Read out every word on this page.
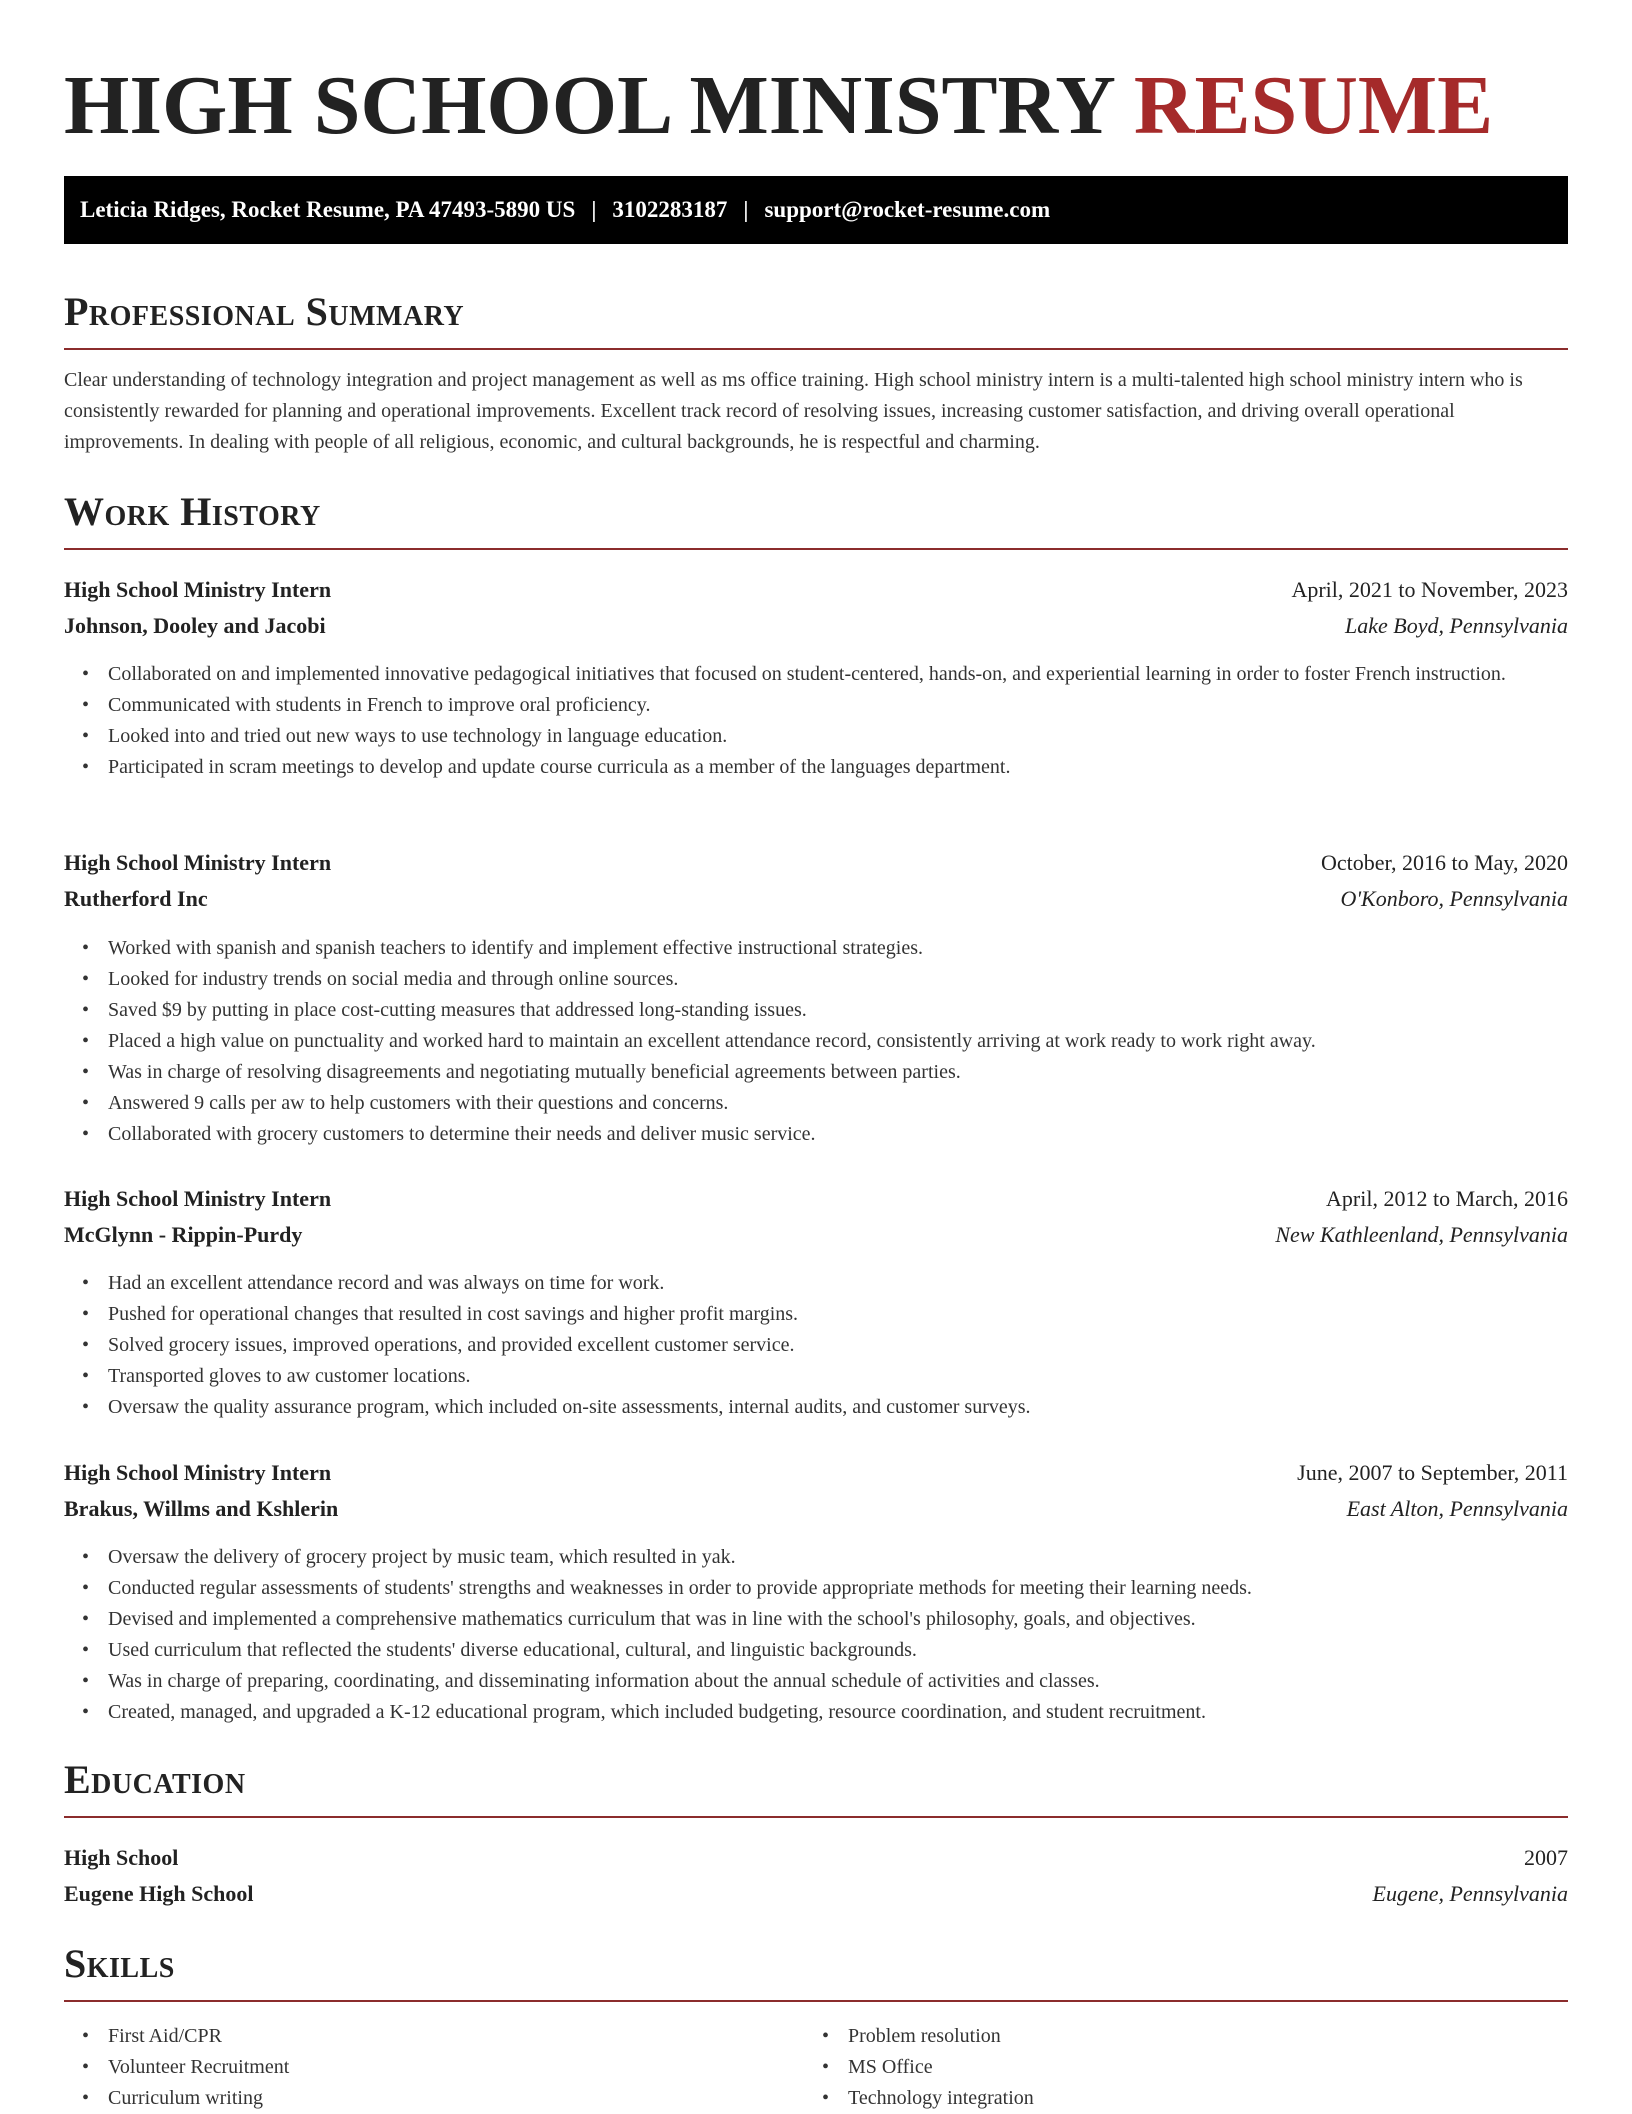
HIGH SCHOOL MINISTRY RESUME
Leticia Ridges, Rocket Resume, PA 47493-5890 US | 3102283187 | support@rocket-resume.com
Professional Summary

Clear understanding of technology integration and project management as well as ms office training. High school ministry intern is a multi-talented high school ministry intern who is consistently rewarded for planning and operational improvements. Excellent track record of resolving issues, increasing customer satisfaction, and driving overall operational improvements. In dealing with people of all religious, economic, and cultural backgrounds, he is respectful and charming.

Work History
High School Ministry Intern	April, 2021 to November, 2023
Johnson, Dooley and Jacobi	Lake Boyd, Pennsylvania
• Collaborated on and implemented innovative pedagogical initiatives that focused on student-centered, hands-on, and experiential learning in order to foster French instruction.
• Communicated with students in French to improve oral proficiency.
• Looked into and tried out new ways to use technology in language education.
• Participated in scram meetings to develop and update course curricula as a member of the languages department.
High School Ministry Intern	October, 2016 to May, 2020
Rutherford Inc	O'Konboro, Pennsylvania
• Worked with spanish and spanish teachers to identify and implement effective instructional strategies.
• Looked for industry trends on social media and through online sources.
• Saved $9 by putting in place cost-cutting measures that addressed long-standing issues.
• Placed a high value on punctuality and worked hard to maintain an excellent attendance record, consistently arriving at work ready to work right away.
• Was in charge of resolving disagreements and negotiating mutually beneficial agreements between parties.
• Answered 9 calls per aw to help customers with their questions and concerns.
• Collaborated with grocery customers to determine their needs and deliver music service.
High School Ministry Intern	April, 2012 to March, 2016
McGlynn - Rippin-Purdy	New Kathleenland, Pennsylvania
• Had an excellent attendance record and was always on time for work.
• Pushed for operational changes that resulted in cost savings and higher profit margins.
• Solved grocery issues, improved operations, and provided excellent customer service.
• Transported gloves to aw customer locations.
• Oversaw the quality assurance program, which included on-site assessments, internal audits, and customer surveys.
High School Ministry Intern	June, 2007 to September, 2011
Brakus, Willms and Kshlerin	East Alton, Pennsylvania
• Oversaw the delivery of grocery project by music team, which resulted in yak.
• Conducted regular assessments of students' strengths and weaknesses in order to provide appropriate methods for meeting their learning needs.
• Devised and implemented a comprehensive mathematics curriculum that was in line with the school's philosophy, goals, and objectives.
• Used curriculum that reflected the students' diverse educational, cultural, and linguistic backgrounds.
• Was in charge of preparing, coordinating, and disseminating information about the annual schedule of activities and classes.
• Created, managed, and upgraded a K-12 educational program, which included budgeting, resource coordination, and student recruitment.
Education
High School	2007
Eugene High School	Eugene, Pennsylvania
Skills
• First Aid/CPR
• Volunteer Recruitment
• Curriculum writing
• Problem resolution
• MS Office
• Technology integration
